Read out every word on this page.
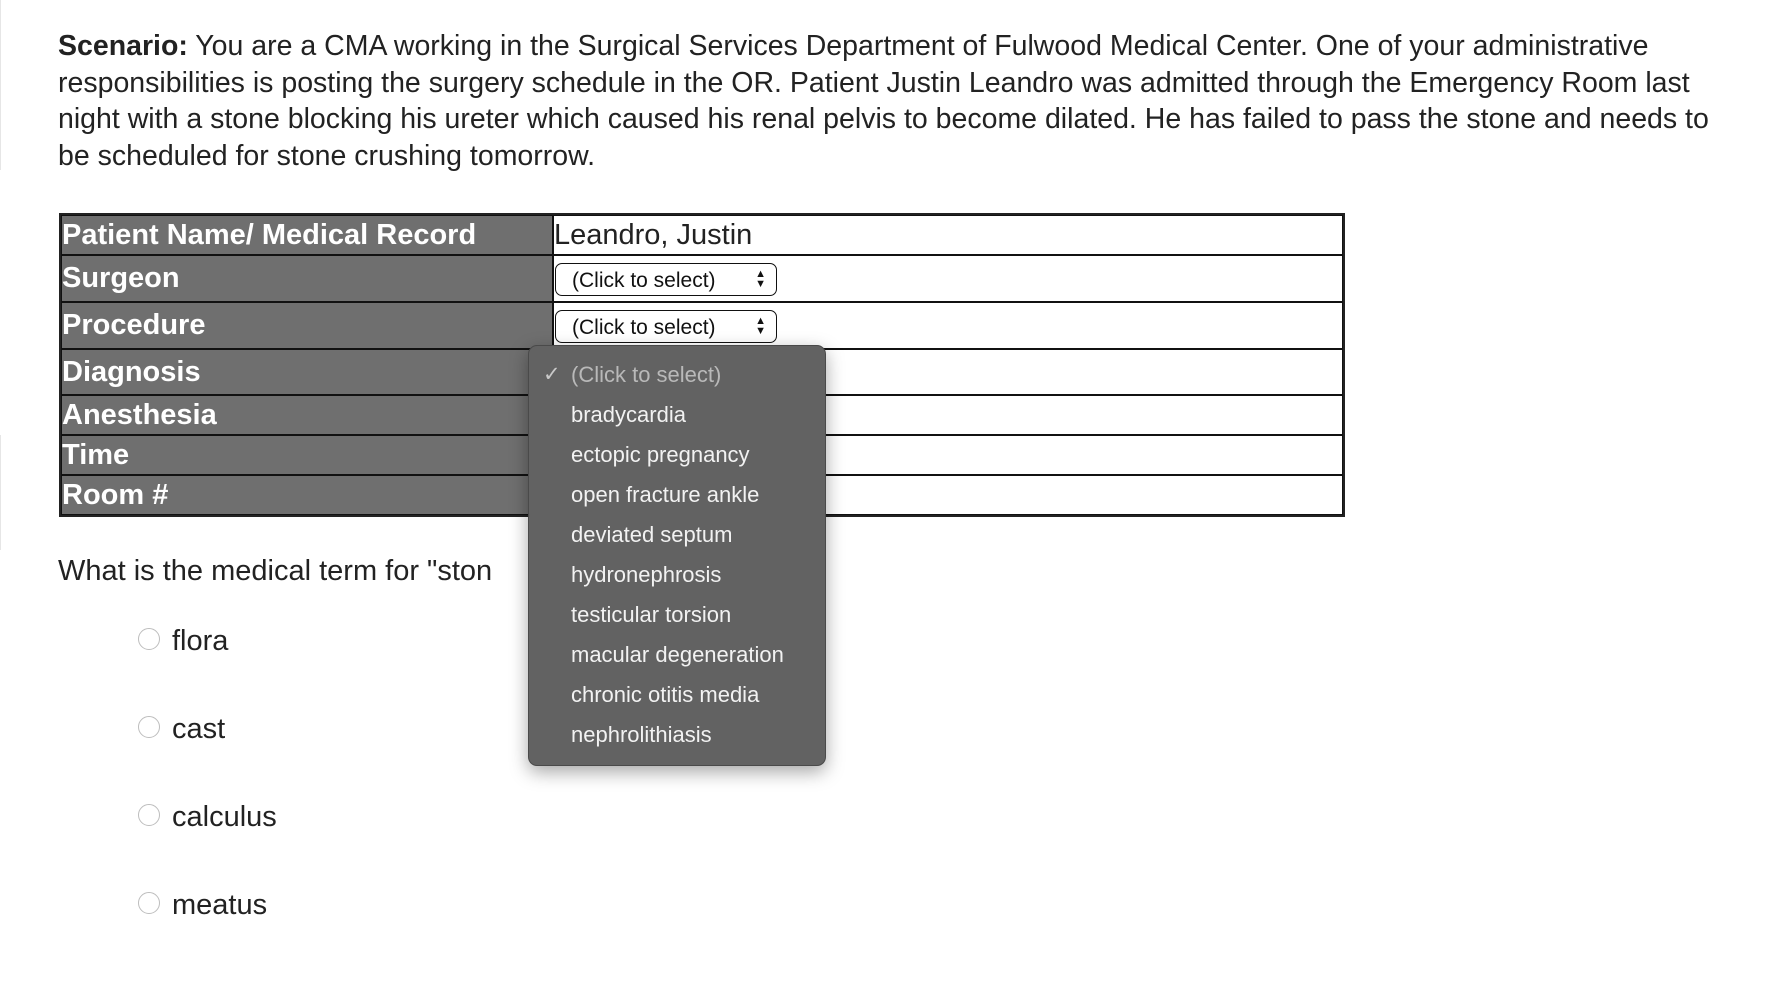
Scenario: You are a CMA working in the Surgical Services Department of Fulwood Medical Center. One of your administrative responsibilities is posting the surgery schedule in the OR. Patient Justin Leandro was admitted through the Emergency Room last night with a stone blocking his ureter which caused his renal pelvis to become dilated. He has failed to pass the stone and needs to be scheduled for stone crushing tomorrow.
Patient Name/ Medical Record	Leandro, Justin
Surgeon	(Click to select) ▲
▼

Procedure	(Click to select) ▲
▼

Diagnosis	
Anesthesia	
Time	
Room #	
What is the medical term for "ston
flora
cast
calculus
meatus
✓ (Click to select)
bradycardia
ectopic pregnancy
open fracture ankle
deviated septum
hydronephrosis
testicular torsion
macular degeneration
chronic otitis media
nephrolithiasis
